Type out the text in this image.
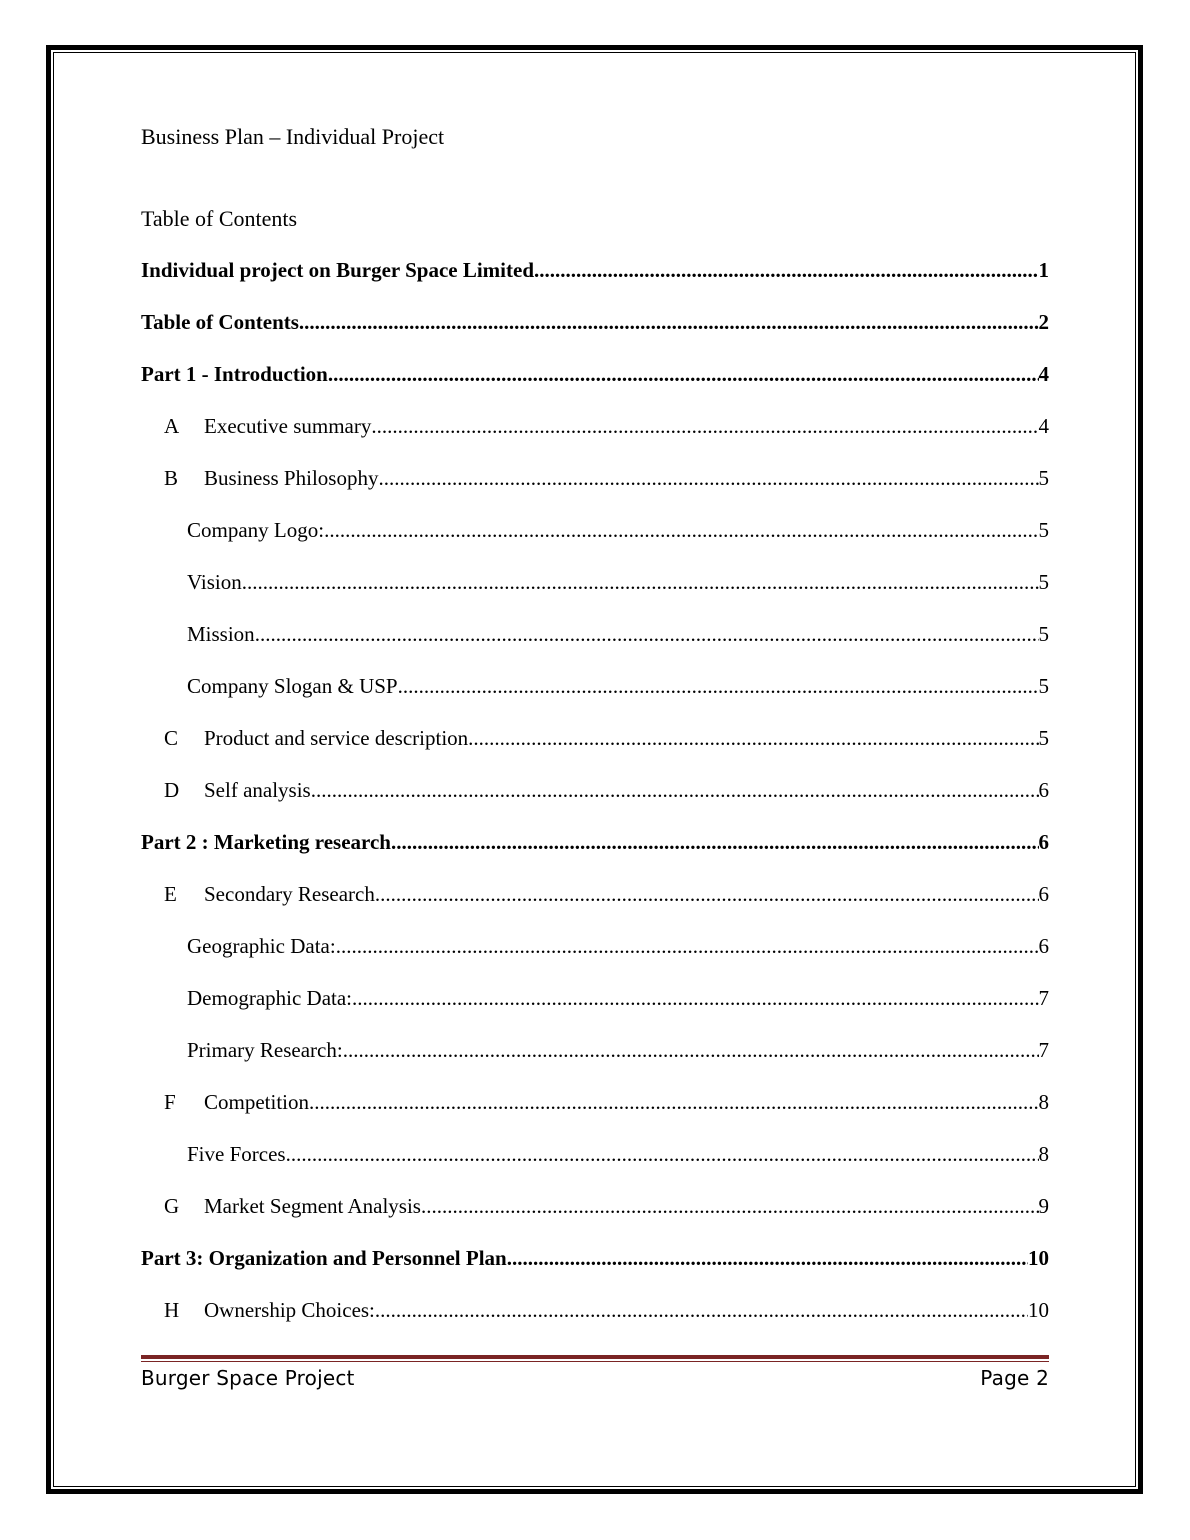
Business Plan – Individual Project
Table of Contents
Individual project on Burger Space Limited .....	1
Table of Contents .....	2
Part 1 - Introduction .....	4
A	Executive summary .....	4
B	Business Philosophy .....	5
Company Logo: .....	5
Vision .....	5
Mission .....	5
Company Slogan & USP .....	5
C	Product and service description .....	5
D	Self analysis .....	6
Part 2 : Marketing research .....	6
E	Secondary Research .....	6
Geographic Data: .....	6
Demographic Data: .....	7
Primary Research: .....	7
F	Competition .....	8
Five Forces .....	8
G	Market Segment Analysis .....	9
Part 3: Organization and Personnel Plan .....	10
H	Ownership Choices: .....	10
Burger Space Project	Page 2
